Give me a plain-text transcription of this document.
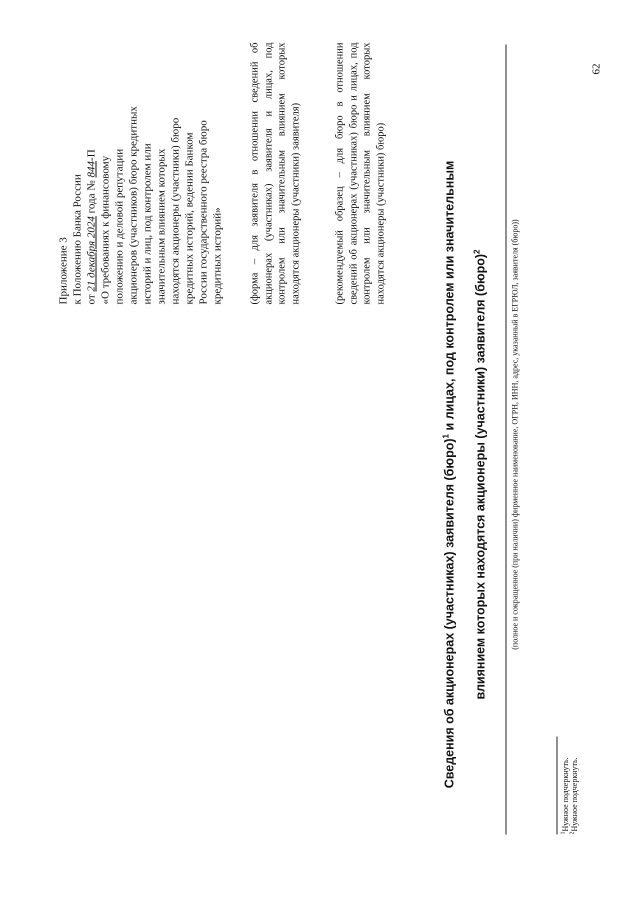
Приложение 3 к Положению Банка России от 21 декабря 2024 года № 844-П
«О требованиях к финансовому положению и деловой репутации акционеров (участников) бюро кредитных историй и лиц, под контролем или значительным влиянием которых находятся акционеры (участники) бюро кредитных историй, ведении Банком России государственного реестра бюро кредитных историй» (форма – для заявителя в отношении сведений об акционерах (участниках) заявителя и лицах, под контролем или значительным влиянием которых находятся акционеры (участники) заявителя)	(рекомендуемый образец – для бюро в отношении сведений об акционерах (участниках) бюро и лицах, под контролем или значительным влиянием которых находятся акционеры (участники) бюро)
Сведения об акционерах (участниках) заявителя (бюро)$^1$ и лицах, под контролем или значительным влиянием которых находятся акционеры (участники) заявителя (бюро)$^2$	(полное и сокращенное (при наличии) фирменное наименование, ОГРН, ИНН, адрес, указанный в ЕГРЮЛ, заявителя (бюро))
62
$^1$Нужное подчеркнуть.
$^2$Нужное подчеркнуть.
